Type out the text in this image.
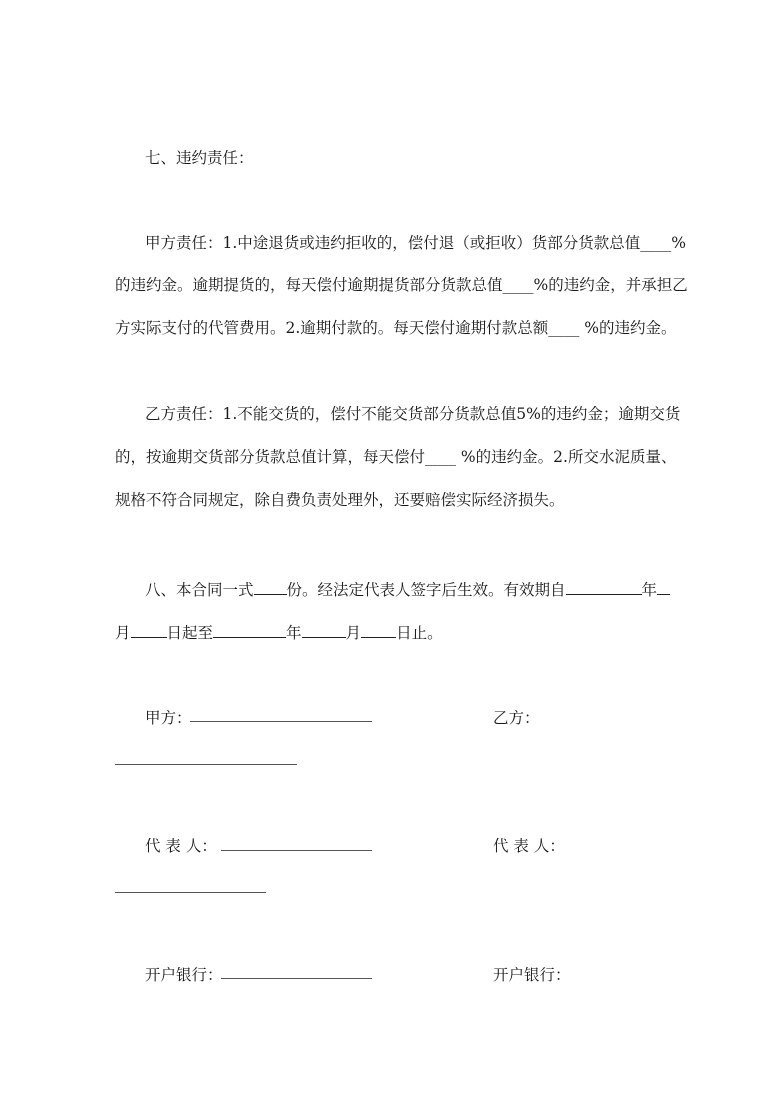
七、违约责任：
甲方责任：1.中途退货或违约拒收的，偿付退（或拒收）货部分货款总值____%
的违约金。逾期提货的，每天偿付逾期提货部分货款总值____%的违约金，并承担乙
方实际支付的代管费用。2.逾期付款的。每天偿付逾期付款总额____ %的违约金。
乙方责任：1.不能交货的，偿付不能交货部分货款总值5%的违约金；逾期交货
的，按逾期交货部分货款总值计算，每天偿付____ %的违约金。2.所交水泥质量、
规格不符合同规定，除自费负责处理外，还要赔偿实际经济损失。
八、本合同一式 份。经法定代表人签字后生效。有效期自	年
月 日起至	年	月 日止。
甲方：	乙方：
代 表 人：	代 表 人：
开户银行：	开户银行：
